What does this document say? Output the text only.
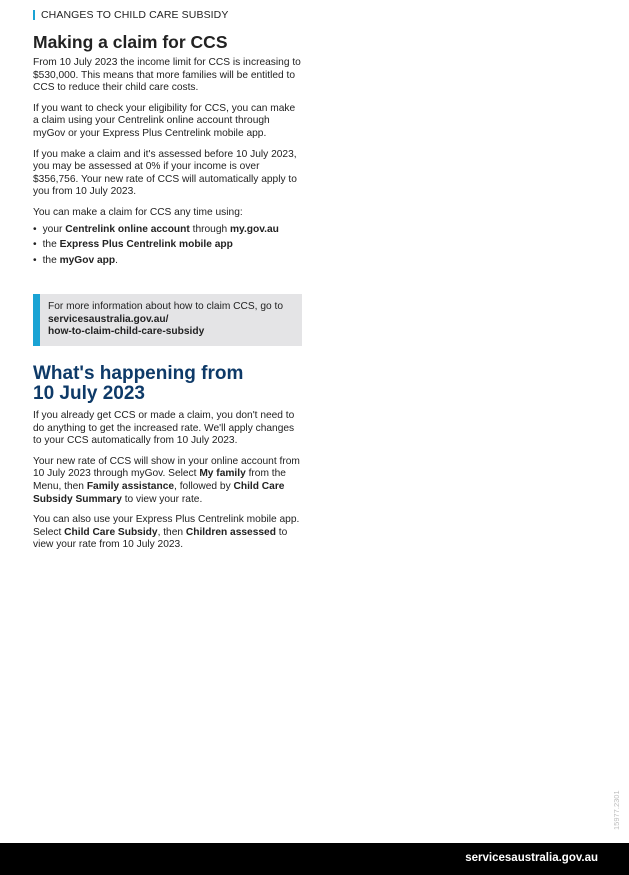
CHANGES TO CHILD CARE SUBSIDY
Making a claim for CCS

From 10 July 2023 the income limit for CCS is increasing to $530,000. This means that more families will be entitled to CCS to reduce their child care costs.

If you want to check your eligibility for CCS, you can make a claim using your Centrelink online account through myGov or your Express Plus Centrelink mobile app.

If you make a claim and it's assessed before 10 July 2023, you may be assessed at 0% if your income is over $356,756. Your new rate of CCS will automatically apply to you from 10 July 2023.

You can make a claim for CCS any time using:

• your Centrelink online account through my.gov.au
• the Express Plus Centrelink mobile app
• the myGov app.

For more information about how to claim CCS, go to servicesaustralia.gov.au/
how-to-claim-child-care-subsidy

What's happening from
10 July 2023

If you already get CCS or made a claim, you don't need to do anything to get the increased rate. We'll apply changes to your CCS automatically from 10 July 2023.

Your new rate of CCS will show in your online account from 10 July 2023 through myGov. Select My family from the Menu, then Family assistance, followed by Child Care Subsidy Summary to view your rate.

You can also use your Express Plus Centrelink mobile app. Select Child Care Subsidy, then Children assessed to view your rate from 10 July 2023.

15977.2301
servicesaustralia.gov.au
